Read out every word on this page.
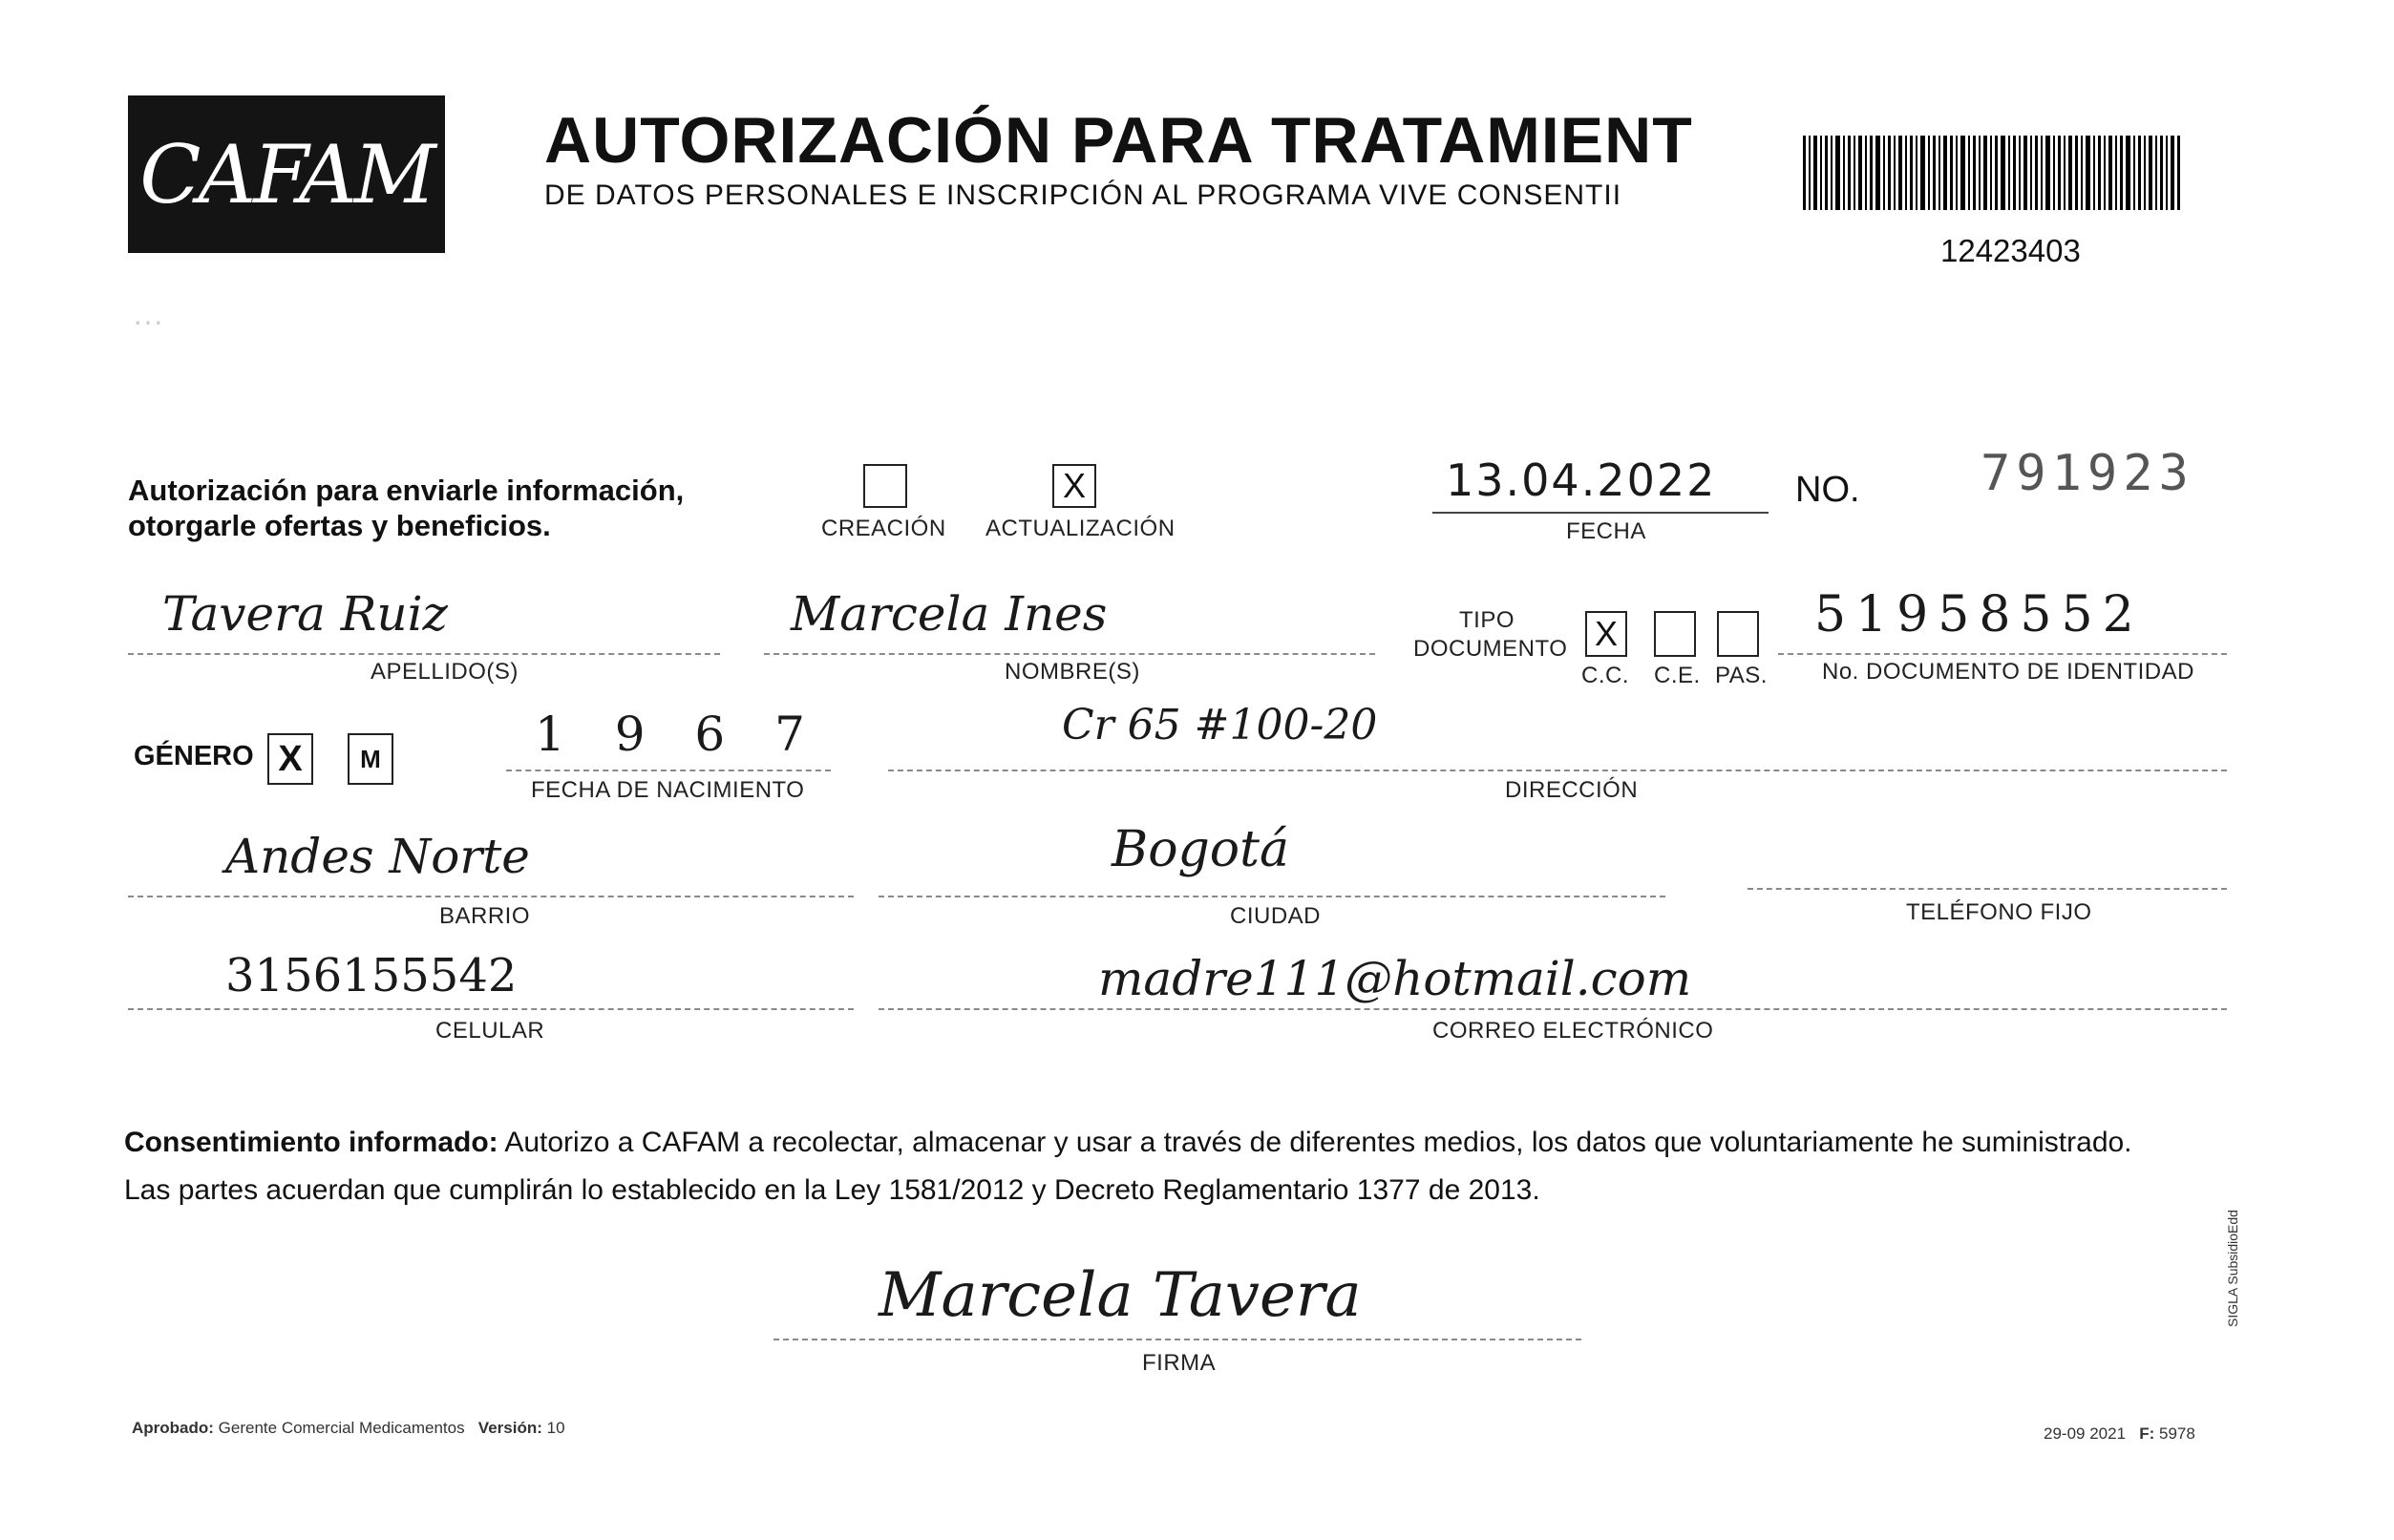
CAFAM AUTORIZACIÓN PARA TRATAMIENT
DE DATOS PERSONALES E INSCRIPCIÓN AL PROGRAMA VIVE CONSENTII
12423403
…
Autorización para enviarle información,
otorgarle ofertas y beneficios.	CREACIÓN
X
ACTUALIZACIÓN
13.04.2022
FECHA
NO. 791923
Tavera Ruiz
APELLIDO(S)
Marcela Ines
NOMBRE(S)
TIPO
DOCUMENTO X
C.C. C.E. PAS.
51958552
No. DOCUMENTO DE IDENTIDAD
GÉNERO X M	1 9 6 7
FECHA DE NACIMIENTO
Cr 65 #100-20
DIRECCIÓN
Andes Norte
BARRIO
Bogotá
CIUDAD	TELÉFONO FIJO
3156155542
CELULAR
madre111@hotmail.com
CORREO ELECTRÓNICO
Consentimiento informado: Autorizo a CAFAM a recolectar, almacenar y usar a través de diferentes medios, los datos que voluntariamente he suministrado.
Las partes acuerdan que cumplirán lo establecido en la Ley 1581/2012 y Decreto Reglamentario 1377 de 2013.
Marcela Tavera
FIRMA
Aprobado: Gerente Comercial Medicamentos Versión: 10	29-09 2021 F: 5978
SIGLA SubsidioEdd
